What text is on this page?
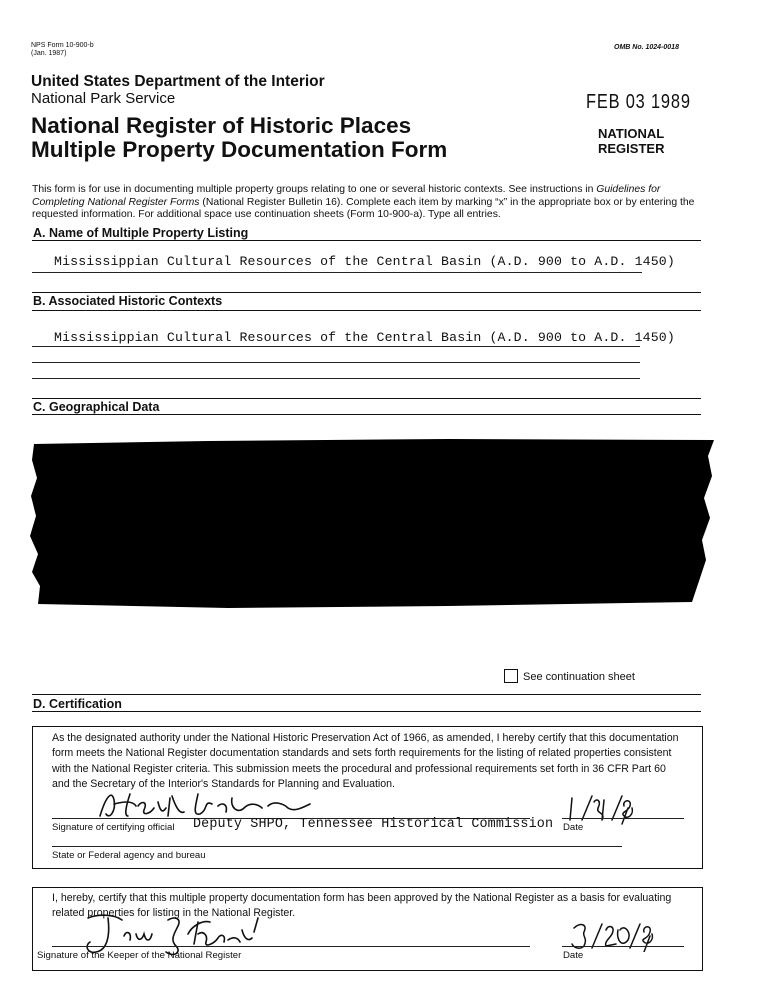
NPS Form 10-900-b
(Jan. 1987)
OMB No. 1024-0018
United States Department of the Interior
National Park Service
National Register of Historic Places
Multiple Property Documentation Form
FEB 03 1989
NATIONAL
REGISTER
This form is for use in documenting multiple property groups relating to one or several historic contexts. See instructions in Guidelines for Completing National Register Forms (National Register Bulletin 16). Complete each item by marking “x” in the appropriate box or by entering the requested information. For additional space use continuation sheets (Form 10-900-a). Type all entries.
A. Name of Multiple Property Listing
Mississippian Cultural Resources of the Central Basin (A.D. 900 to A.D. 1450)
B. Associated Historic Contexts
Mississippian Cultural Resources of the Central Basin (A.D. 900 to A.D. 1450)
C. Geographical Data
See continuation sheet
D. Certification
As the designated authority under the National Historic Preservation Act of 1966, as amended, I hereby certify that this documentation form meets the National Register documentation standards and sets forth requirements for the listing of related properties consistent with the National Register criteria. This submission meets the procedural and professional requirements set forth in 36 CFR Part 60 and the Secretary of the Interior's Standards for Planning and Evaluation.
Signature of certifying official Deputy SHPO, Tennessee Historical Commission Date
State or Federal agency and bureau
I, hereby, certify that this multiple property documentation form has been approved by the National Register as a basis for evaluating related properties for listing in the National Register.
Signature of the Keeper of the National Register	Date
